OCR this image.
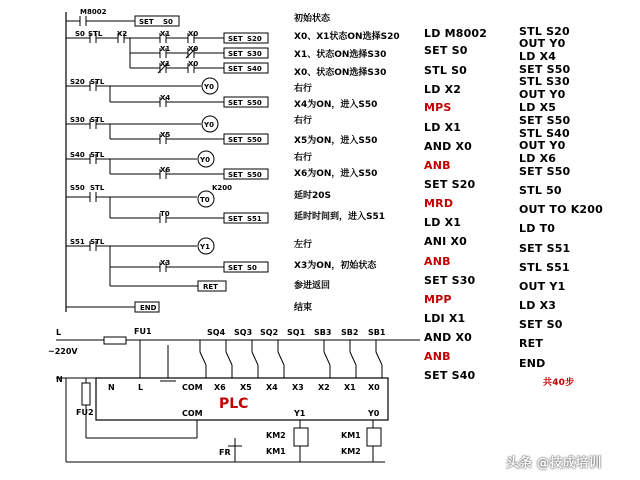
M8002
SET S0
S0 STL X2	X1	X0
SET S20
X1	X0
SET S30
X1	X0
SET S40
S20 STL
Y0
X4
SET S50
S30 STL
Y0
X5
SET S50
S40 STL
Y0
X6
SET S50
S50 STL
T0
K200
T0
SET S51
S51 STL
Y1
X3
SET S0
RET
END
初始状态
X0、X1状态ON选择S20
X1、状态ON选择S30
X0、状态ON选择S30
右行
X4为ON，进入S50
右行
X5为ON，进入S50
右行
X6为ON，进入S50
延时20S
延时时间到，进入S51
左行
X3为ON，初始状态
参进返回
结束
LD M8002
SET S0
STL S0
LD X2
MPS
LD X1
AND X0
ANB
SET S20
MRD
LD X1
ANI X0
ANB
SET S30
MPP
LDI X1
AND X0
ANB
SET S40
STL S20
OUT Y0
LD X4
SET S50
STL S30
OUT Y0
LD X5
SET S50
STL S40
OUT Y0
LD X6
SET S50
STL 50
OUT TO K200
LD T0
SET S51
STL S51
OUT Y1
LD X3
SET S0
RET
END
共40步
L
~220V
N
FU1
FU2
N	L	COM X6 X5 X4 X3 X2 X1 X0
SQ4 SQ3 SQ2 SQ1 SB3 SB2 SB1
COM	Y1	Y0
FR
KM2
KM1
KM1
KM2
PLC
头条 @技成培训
